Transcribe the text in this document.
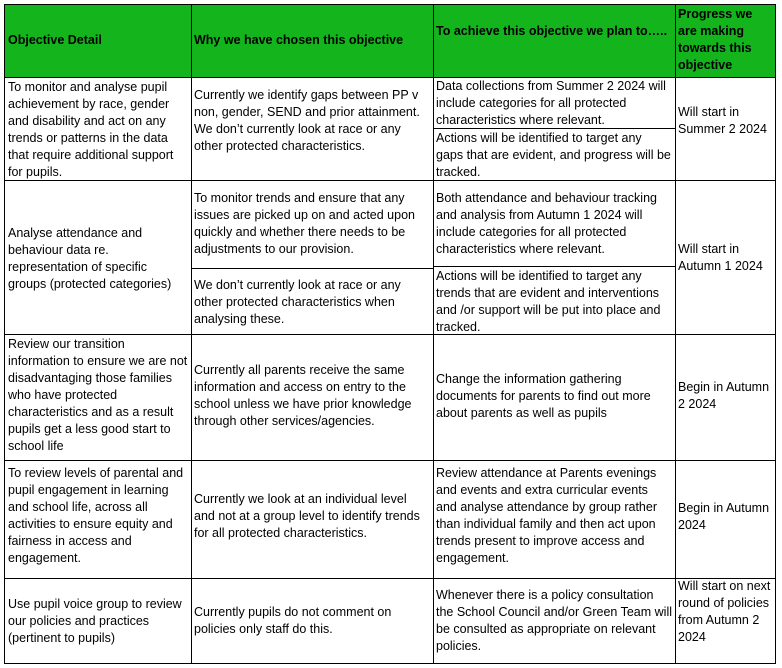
Objective Detail	Why we have chosen this objective
To achieve this objective we plan to…..
Progress we are making towards this objective
To monitor and analyse pupil achievement by race, gender and disability and act on any trends or patterns in the data that require additional support for pupils.
Currently we identify gaps between PP v non, gender, SEND and prior attainment. We don’t currently look at race or any other protected characteristics.
Data collections from Summer 2 2024 will include categories for all protected characteristics where relevant.
Actions will be identified to target any gaps that are evident, and progress will be tracked.
Will start in Summer 2 2024
Analyse attendance and behaviour data re. representation of specific groups (protected categories)
To monitor trends and ensure that any issues are picked up on and acted upon quickly and whether there needs to be adjustments to our provision.
We don’t currently look at race or any other protected characteristics when analysing these.
Both attendance and behaviour tracking and analysis from Autumn 1 2024 will include categories for all protected characteristics where relevant.
Actions will be identified to target any trends that are evident and interventions and /or support will be put into place and tracked.
Will start in Autumn 1 2024
Review our transition information to ensure we are not disadvantaging those families who have protected characteristics and as a result pupils get a less good start to school life
Currently all parents receive the same information and access on entry to the school unless we have prior knowledge through other services/agencies.
Change the information gathering documents for parents to find out more about parents as well as pupils
Begin in Autumn 2 2024
To review levels of parental and pupil engagement in learning and school life, across all activities to ensure equity and fairness in access and engagement.
Currently we look at an individual level and not at a group level to identify trends for all protected characteristics.
Review attendance at Parents evenings and events and extra curricular events and analyse attendance by group rather than individual family and then act upon trends present to improve access and engagement.
Begin in Autumn 2024
Use pupil voice group to review our policies and practices (pertinent to pupils)
Currently pupils do not comment on policies only staff do this.
Whenever there is a policy consultation the School Council and/or Green Team will be consulted as appropriate on relevant policies.
Will start on next round of policies from Autumn 2 2024
